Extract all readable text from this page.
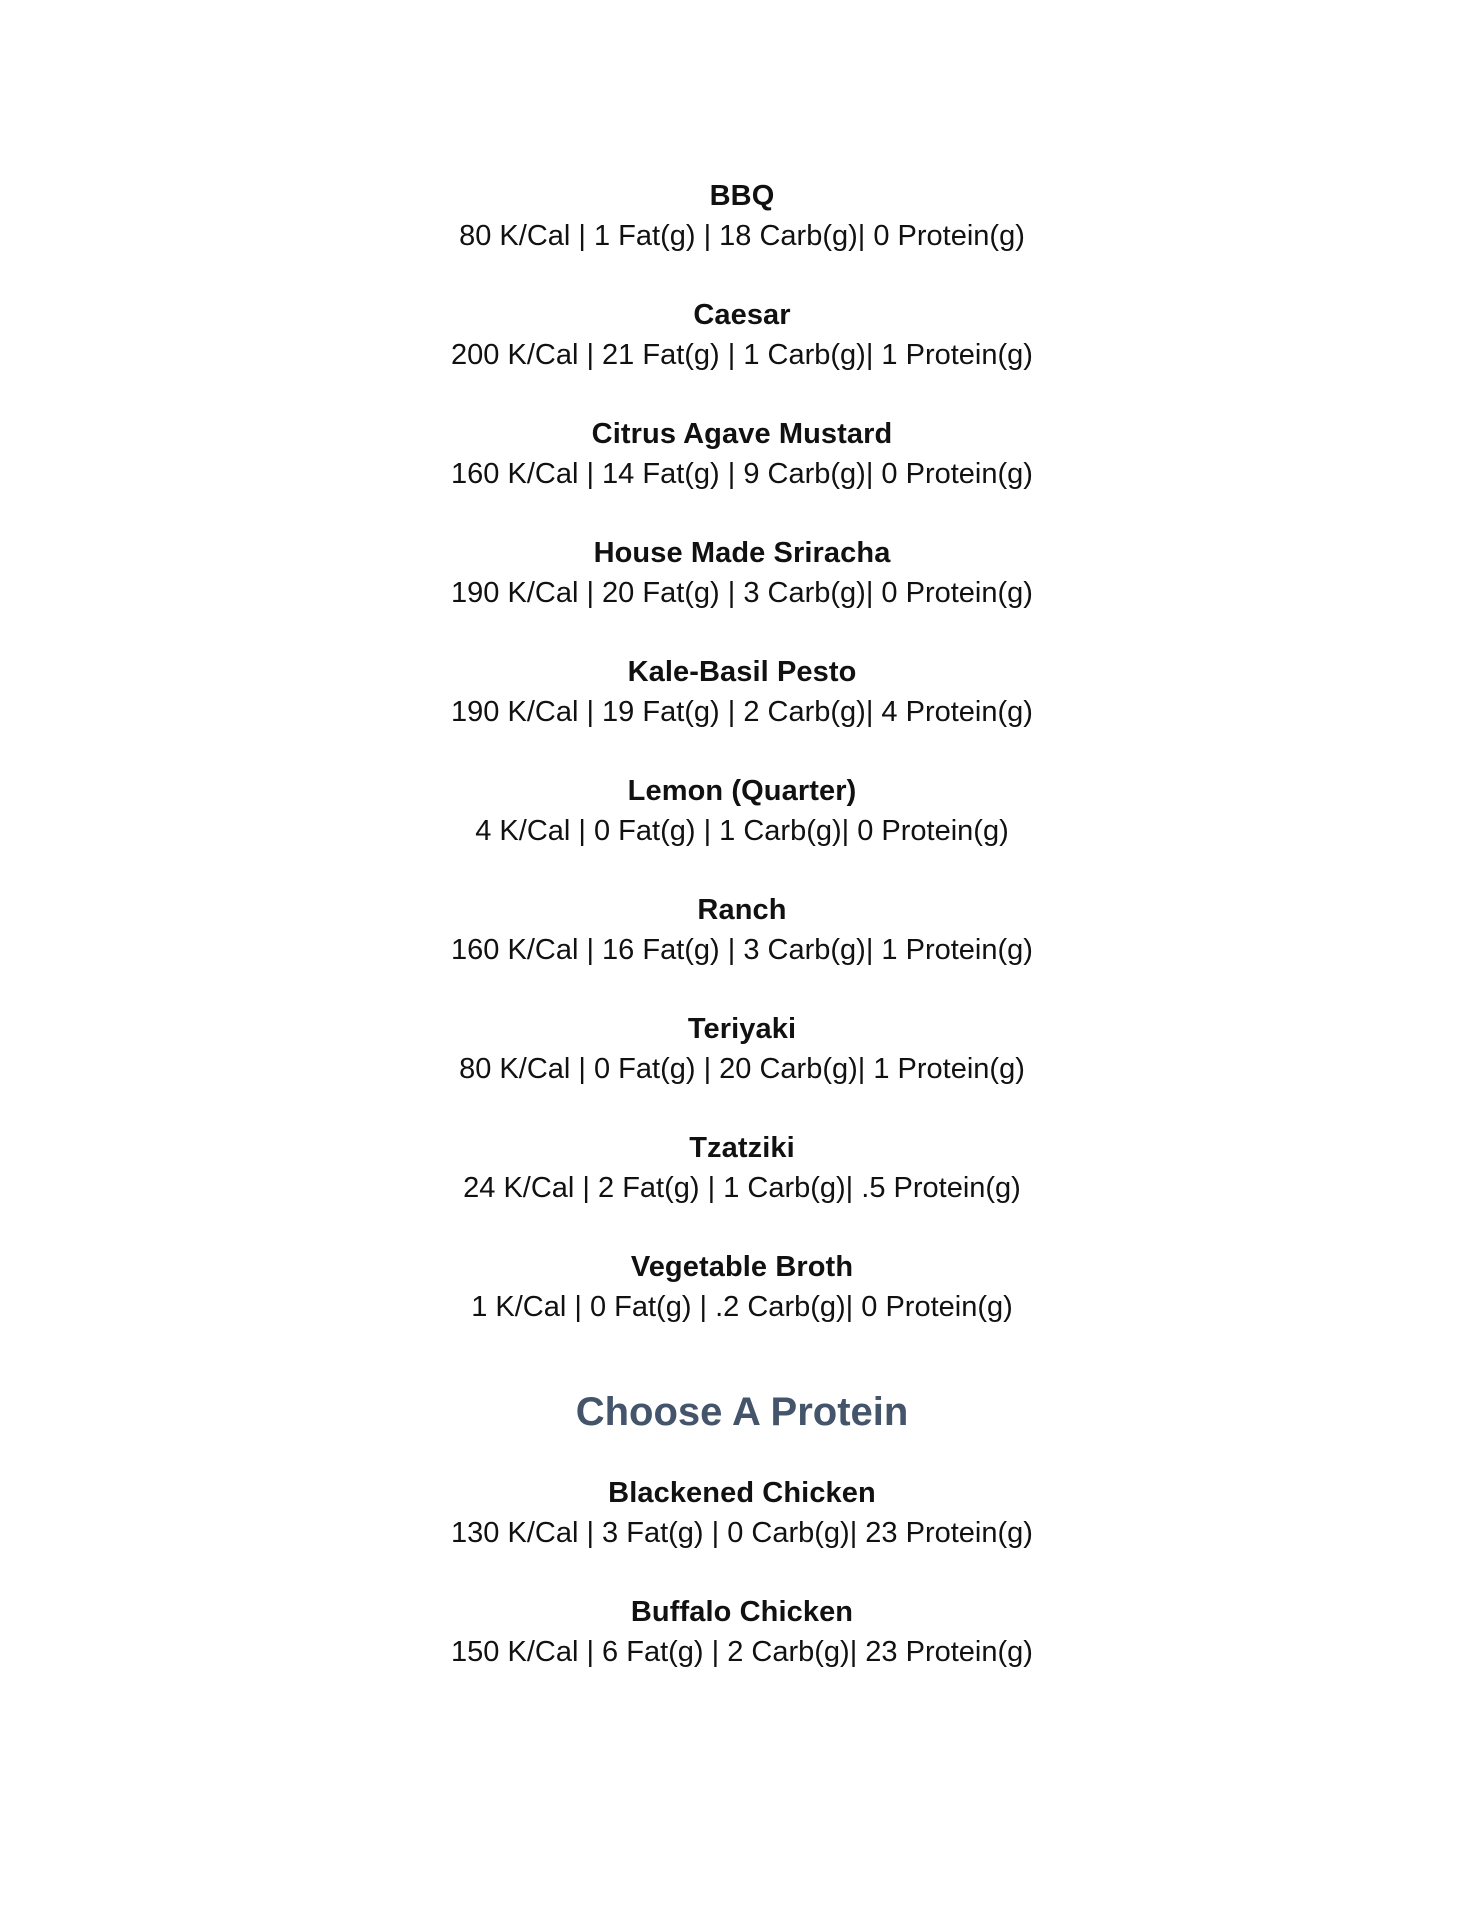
BBQ
80 K/Cal | 1 Fat(g) | 18 Carb(g)| 0 Protein(g)
Caesar
200 K/Cal | 21 Fat(g) | 1 Carb(g)| 1 Protein(g)
Citrus Agave Mustard
160 K/Cal | 14 Fat(g) | 9 Carb(g)| 0 Protein(g)
House Made Sriracha
190 K/Cal | 20 Fat(g) | 3 Carb(g)| 0 Protein(g)
Kale-Basil Pesto
190 K/Cal | 19 Fat(g) | 2 Carb(g)| 4 Protein(g)
Lemon (Quarter)
4 K/Cal | 0 Fat(g) | 1 Carb(g)| 0 Protein(g)
Ranch
160 K/Cal | 16 Fat(g) | 3 Carb(g)| 1 Protein(g)
Teriyaki
80 K/Cal | 0 Fat(g) | 20 Carb(g)| 1 Protein(g)
Tzatziki
24 K/Cal | 2 Fat(g) | 1 Carb(g)| .5 Protein(g)
Vegetable Broth
1 K/Cal | 0 Fat(g) | .2 Carb(g)| 0 Protein(g)
Choose A Protein
Blackened Chicken
130 K/Cal | 3 Fat(g) | 0 Carb(g)| 23 Protein(g)
Buffalo Chicken
150 K/Cal | 6 Fat(g) | 2 Carb(g)| 23 Protein(g)
